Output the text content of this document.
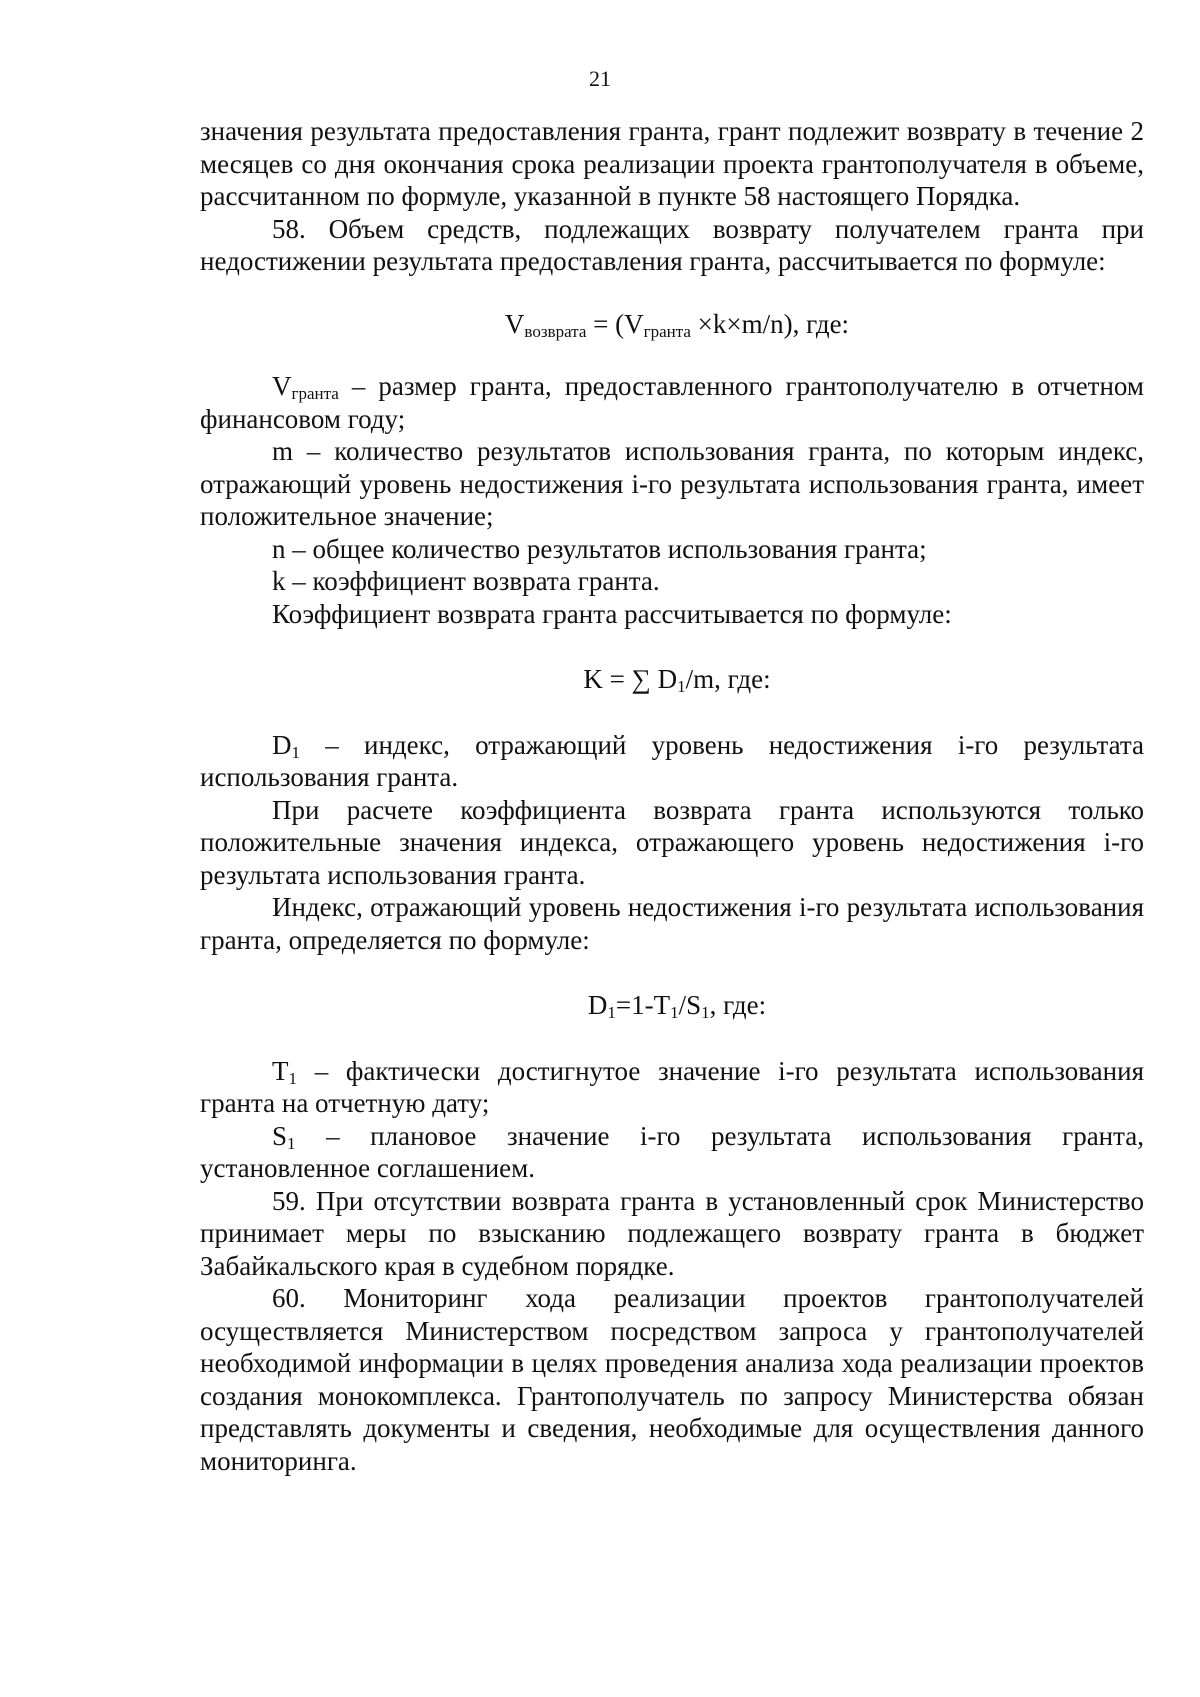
21

значения результата предоставления гранта, грант подлежит возврату в течение 2 месяцев со дня окончания срока реализации проекта грантополучателя в объеме, рассчитанном по формуле, указанной в пункте 58 настоящего Порядка.

58. Объем средств, подлежащих возврату получателем гранта при недостижении результата предоставления гранта, рассчитывается по формуле:

$V_{возврата} = (V_{гранта} \times k\times m/n)$, где:

$V_{гранта}$ – размер гранта, предоставленного грантополучателю в отчетном финансовом году;

m – количество результатов использования гранта, по которым индекс, отражающий уровень недостижения i-го результата использования гранта, имеет положительное значение;

n – общее количество результатов использования гранта;

k – коэффициент возврата гранта.

Коэффициент возврата гранта рассчитывается по формуле:

K = ∑ $D_1/m$, где:

$D_1$ – индекс, отражающий уровень недостижения i-го результата использования гранта.

При расчете коэффициента возврата гранта используются только положительные значения индекса, отражающего уровень недостижения i-го результата использования гранта.

Индекс, отражающий уровень недостижения i-го результата использования гранта, определяется по формуле:

$D_1=1-T_1/S_1$, где:

$T_1$ – фактически достигнутое значение i-го результата использования гранта на отчетную дату;

$S_1$ – плановое значение i-го результата использования гранта, установленное соглашением.

59. При отсутствии возврата гранта в установленный срок Министерство принимает меры по взысканию подлежащего возврату гранта в бюджет Забайкальского края в судебном порядке.

60. Мониторинг хода реализации проектов грантополучателей осуществляется Министерством посредством запроса у грантополучателей необходимой информации в целях проведения анализа хода реализации проектов создания монокомплекса. Грантополучатель по запросу Министерства обязан представлять документы и сведения, необходимые для осуществления данного мониторинга.
